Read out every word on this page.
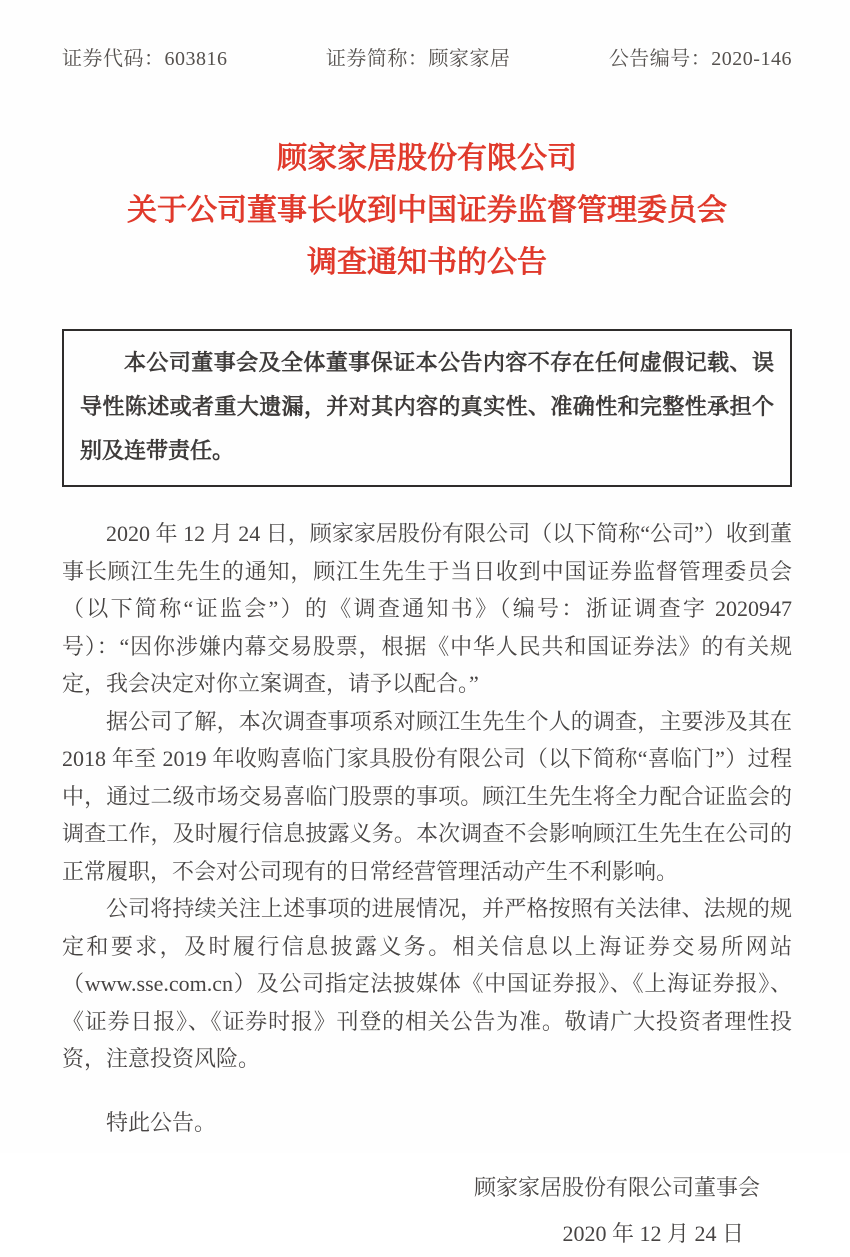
证券代码：603816	证券简称：顾家家居	公告编号：2020-146
顾家家居股份有限公司
关于公司董事长收到中国证券监督管理委员会
调查通知书的公告

本公司董事会及全体董事保证本公告内容不存在任何虚假记载、误导性陈述或者重大遗漏，并对其内容的真实性、准确性和完整性承担个别及连带责任。

2020 年 12 月 24 日，顾家家居股份有限公司（以下简称“公司”）收到董事长顾江生先生的通知，顾江生先生于当日收到中国证券监督管理委员会（以下简称“证监会”）的《调查通知书》（编号：浙证调查字 2020947 号）：“因你涉嫌内幕交易股票，根据《中华人民共和国证券法》的有关规定，我会决定对你立案调查，请予以配合。”

据公司了解，本次调查事项系对顾江生先生个人的调查，主要涉及其在 2018 年至 2019 年收购喜临门家具股份有限公司（以下简称“喜临门”）过程中，通过二级市场交易喜临门股票的事项。顾江生先生将全力配合证监会的调查工作，及时履行信息披露义务。本次调查不会影响顾江生先生在公司的正常履职，不会对公司现有的日常经营管理活动产生不利影响。

公司将持续关注上述事项的进展情况，并严格按照有关法律、法规的规定和要求，及时履行信息披露义务。相关信息以上海证券交易所网站（www.sse.com.cn）及公司指定法披媒体《中国证券报》、《上海证券报》、《证券日报》、《证券时报》刊登的相关公告为准。敬请广大投资者理性投资，注意投资风险。

特此公告。

顾家家居股份有限公司董事会
2020 年 12 月 24 日
